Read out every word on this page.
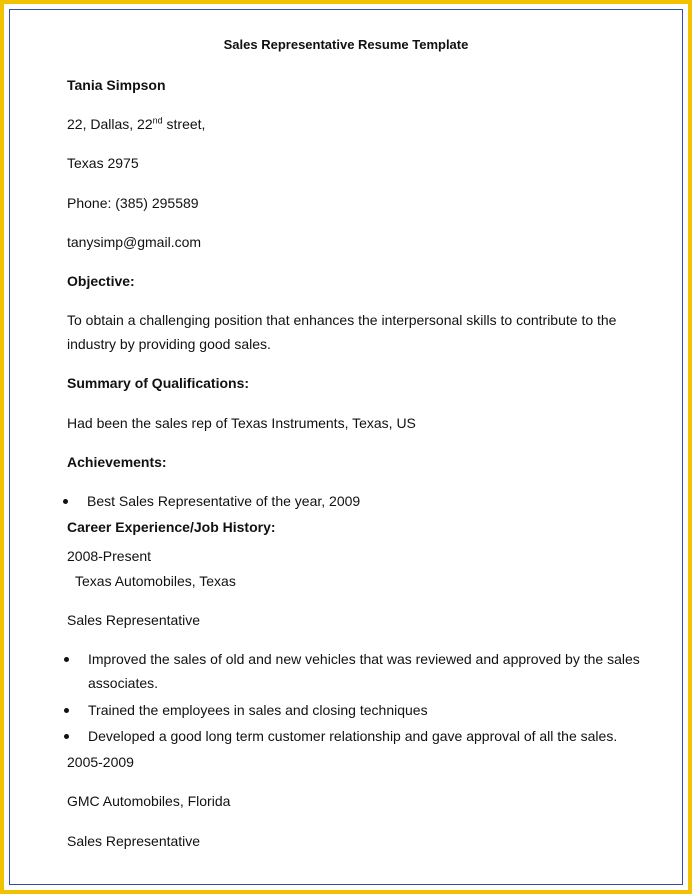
Sales Representative Resume Template
Tania Simpson
22, Dallas, 22nd street,
Texas 2975
Phone: (385) 295589
tanysimp@gmail.com
Objective:
To obtain a challenging position that enhances the interpersonal skills to contribute to the
industry by providing good sales.
Summary of Qualifications:
Had been the sales rep of Texas Instruments, Texas, US
Achievements:
Best Sales Representative of the year, 2009
Career Experience/Job History:
2008-Present
Texas Automobiles, Texas
Sales Representative
Improved the sales of old and new vehicles that was reviewed and approved by the sales
associates.
Trained the employees in sales and closing techniques
Developed a good long term customer relationship and gave approval of all the sales.
2005-2009
GMC Automobiles, Florida
Sales Representative
